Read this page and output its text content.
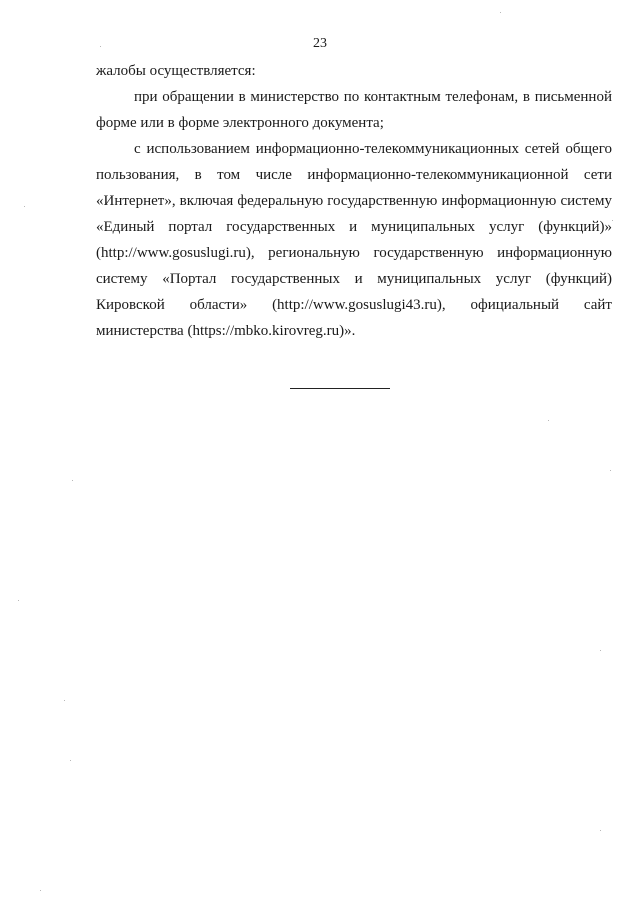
23

жалобы осуществляется:

при обращении в министерство по контактным телефонам, в письменной форме или в форме электронного документа;

с использованием информационно-телекоммуникационных сетей общего пользования, в том числе информационно-телекоммуникационной сети «Интернет», включая федеральную государственную информационную систему «Единый портал государственных и муниципальных услуг (функций)» (http://www.gosuslugi.ru), региональную государственную информационную систему «Портал государственных и муниципальных услуг (функций) Кировской области» (http://www.gosuslugi43.ru), официальный сайт министерства (https://mbko.kirovreg.ru)».
